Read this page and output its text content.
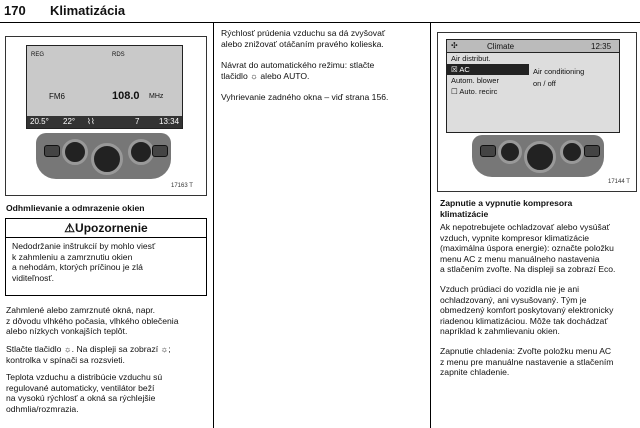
170 Klimatizácia
REG	RDS
FM6	108.0 MHz
20.5° 22° ⌇⌇	7 13:34
17163 T
Odhmlievanie a odmrazenie okien
⚠Upozornenie
Nedodržanie inštrukcií by mohlo viesť
k zahmleniu a zamrznutiu okien
a nehodám, ktorých príčinou je zlá
viditeľnosť.
Zahmlené alebo zamrznuté okná, napr.
z dôvodu vlhkého počasia, vlhkého oblečenia
alebo nízkych vonkajších teplôt.
Stlačte tlačidlo ☼. Na displeji sa zobrazí ☼;
kontrolka v spínači sa rozsvieti.
Teplota vzduchu a distribúcie vzduchu sú
regulované automaticky, ventilátor beží
na vysokú rýchlosť a okná sa rýchlejšie
odhmlia/rozmrazia.
Rýchlosť prúdenia vzduchu sa dá zvyšovať
alebo znižovať otáčaním pravého kolieska.
Návrat do automatického režimu: stlačte
tlačidlo ☼ alebo AUTO.
Vyhrievanie zadného okna – viď strana 156.
✣	Climate	12:35
Air distribut.
☒ AC
Autom. blower
☐ Auto. recirc
Air conditioning
on / off
17144 T
Zapnutie a vypnutie kompresora
klimatizácie
Ak nepotrebujete ochladzovať alebo vysúšať
vzduch, vypnite kompresor klimatizácie
(maximálna úspora energie): označte položku
menu AC z menu manuálneho nastavenia
a stlačením zvoľte. Na displeji sa zobrazí Eco.
Vzduch prúdiaci do vozidla nie je ani
ochladzovaný, ani vysušovaný. Tým je
obmedzený komfort poskytovaný elektronicky
riadenou klimatizáciou. Môže tak dochádzať
napríklad k zahmlievaniu okien.
Zapnutie chladenia: Zvoľte položku menu AC
z menu pre manuálne nastavenie a stlačením
zapnite chladenie.
